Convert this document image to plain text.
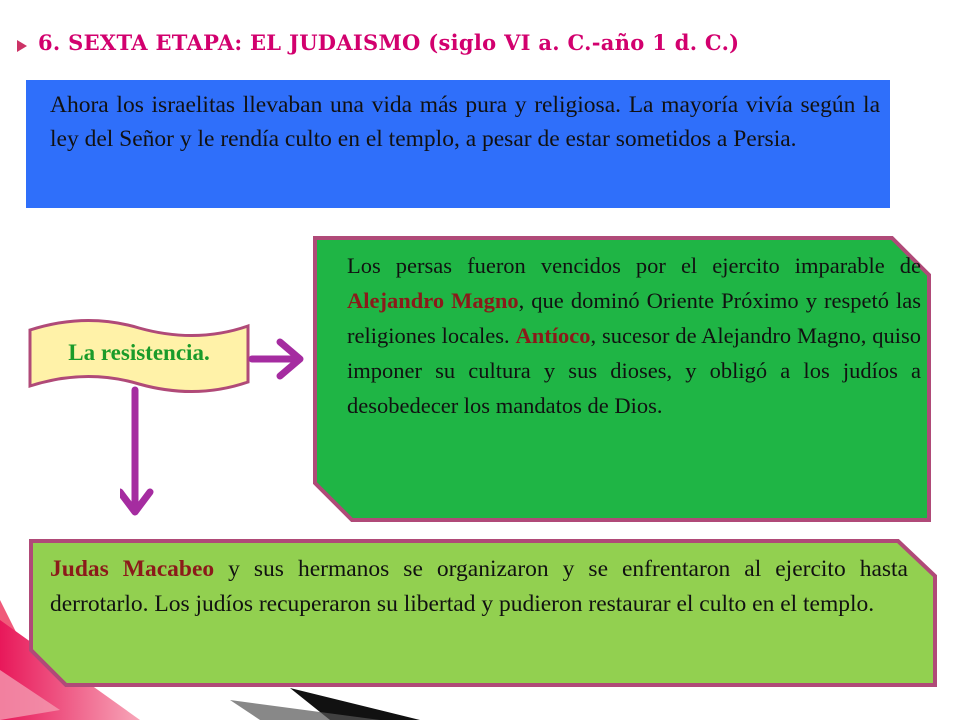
6. SEXTA ETAPA: EL JUDAISMO (siglo VI a. C.-año 1 d. C.)
Ahora los israelitas llevaban una vida más pura y religiosa. La mayoría vivía según la ley del Señor y le rendía culto en el templo, a pesar de estar sometidos a Persia.
Los persas fueron vencidos por el ejercito imparable de Alejandro Magno, que dominó Oriente Próximo y respetó las religiones locales. Antíoco, sucesor de Alejandro Magno, quiso imponer su cultura y sus dioses, y obligó a los judíos a desobedecer los mandatos de Dios.
La resistencia.
Judas Macabeo y sus hermanos se organizaron y se enfrentaron al ejercito hasta derrotarlo. Los judíos recuperaron su libertad y pudieron restaurar el culto en el templo.
